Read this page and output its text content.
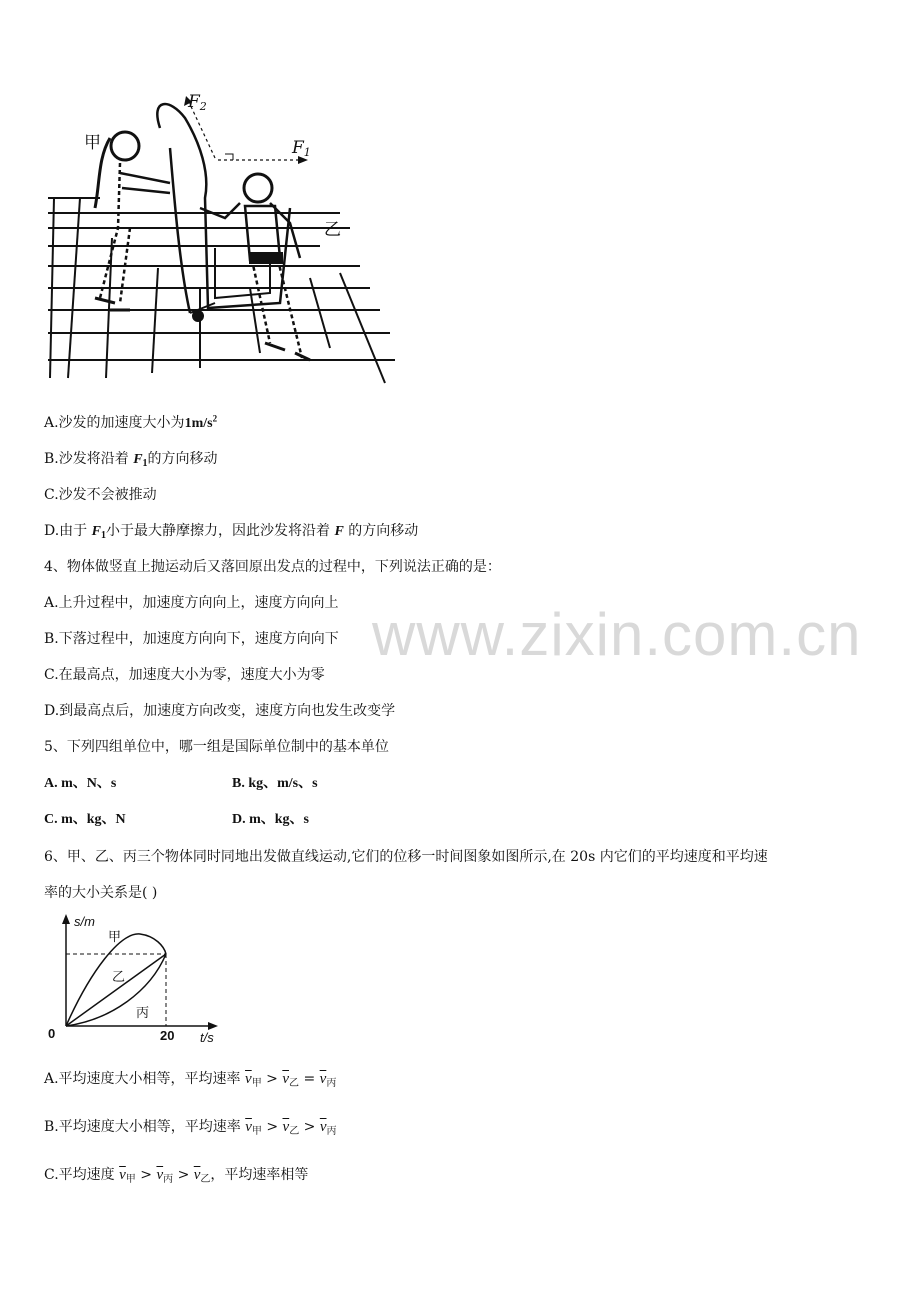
甲
乙
F2
F1
A.沙发的加速度大小为$1m/s^2$
B.沙发将沿着 $F_1$的方向移动
C.沙发不会被推动
D.由于 $F_1$小于最大静摩擦力，因此沙发将沿着 F 的方向移动
4、物体做竖直上抛运动后又落回原出发点的过程中，下列说法正确的是：
A.上升过程中，加速度方向向上，速度方向向上
B.下落过程中，加速度方向向下，速度方向向下
C.在最高点，加速度大小为零，速度大小为零
D.到最高点后，加速度方向改变，速度方向也发生改变学
www.zixin.com.cn
5、下列四组单位中，哪一组是国际单位制中的基本单位
A. m、N、s	B. kg、m/s、s
C. m、kg、N	D. m、kg、s
6、甲、乙、丙三个物体同时同地出发做直线运动,它们的位移一时间图象如图所示,在 20s 内它们的平均速度和平均速
率的大小关系是( )
s/m
甲
乙
丙
0	20 t/s
A.平均速度大小相等，平均速率 $\overline{v}_甲 > \overline{v}_乙 = \overline{v}_丙$
B.平均速度大小相等，平均速率 $\overline{v}_甲 > \overline{v}_乙 > \overline{v}_丙$
C.平均速度 $\overline{v}_甲 > \overline{v}_丙 > \overline{v}_乙$，平均速率相等
